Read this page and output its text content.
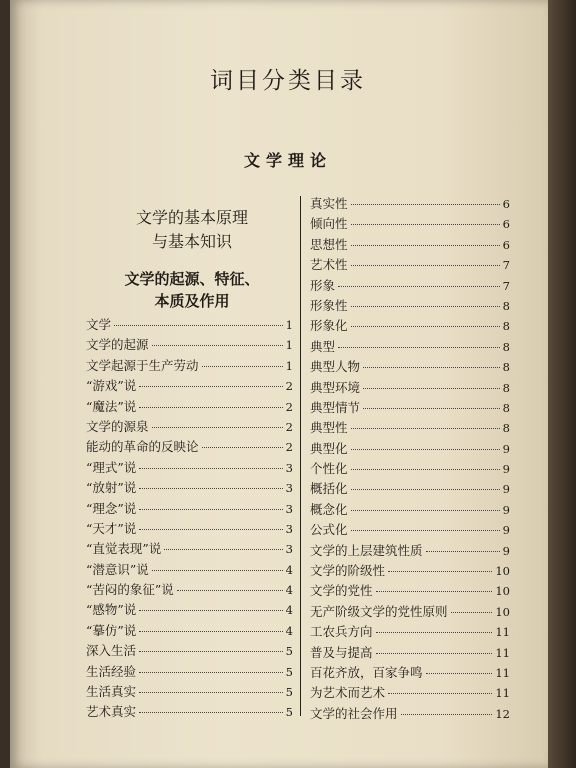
词目分类目录
文学理论
文学的基本原理
与基本知识
文学的起源、特征、
本质及作用
文学	1
文学的起源	1
文学起源于生产劳动	1
“游戏”说	2
“魔法”说	2
文学的源泉	2
能动的革命的反映论	2
“理式”说	3
“放射”说	3
“理念”说	3
“天才”说	3
“直觉表现”说	3
“潜意识”说	4
“苦闷的象征”说	4
“感物”说	4
“摹仿”说	4
深入生活	5
生活经验	5
生活真实	5
艺术真实	5
真实性	6
倾向性	6
思想性	6
艺术性	7
形象	7
形象性	8
形象化	8
典型	8
典型人物	8
典型环境	8
典型情节	8
典型性	8
典型化	9
个性化	9
概括化	9
概念化	9
公式化	9
文学的上层建筑性质	9
文学的阶级性	10
文学的党性	10
无产阶级文学的党性原则	10
工农兵方向	11
普及与提高	11
百花齐放，百家争鸣	11
为艺术而艺术	11
文学的社会作用	12
